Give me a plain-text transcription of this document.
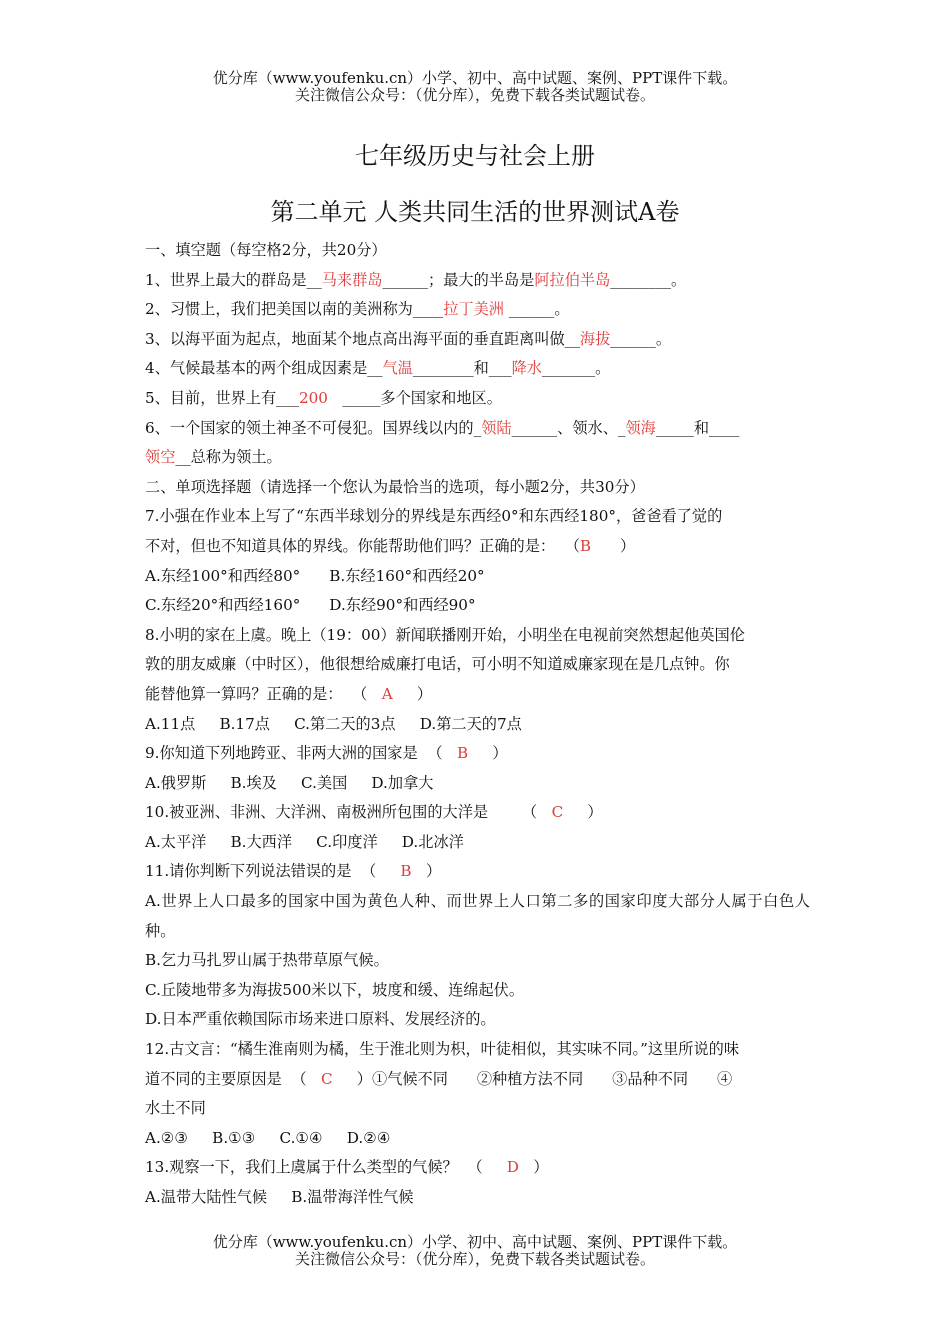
优分库（www.youfenku.cn）小学、初中、高中试题、案例、PPT课件下载。
关注微信公众号：（优分库），免费下载各类试题试卷。
七年级历史与社会上册
第二单元 人类共同生活的世界测试A卷
一、填空题（每空格2分，共20分）
1、世界上最大的群岛是__马来群岛______；最大的半岛是阿拉伯半岛________。
2、习惯上，我们把美国以南的美洲称为____拉丁美洲 ______。
3、以海平面为起点，地面某个地点高出海平面的垂直距离叫做__海拔______。
4、气候最基本的两个组成因素是__气温________和___降水_______。
5、目前，世界上有___200   _____多个国家和地区。
6、一个国家的领土神圣不可侵犯。国界线以内的_领陆______、领水、_领海_____和____
领空__总称为领土。
二、单项选择题（请选择一个您认为最恰当的选项，每小题2分，共30分）
7.小强在作业本上写了“东西半球划分的界线是东西经0°和东西经180°，爸爸看了觉的
不对，但也不知道具体的界线。你能帮助他们吗？正确的是：  （B      ）
A.东经100°和西经80°      B.东经160°和西经20°
C.东经20°和西经160°      D.东经90°和西经90°
8.小明的家在上虞。晚上（19：00）新闻联播刚开始，小明坐在电视前突然想起他英国伦
敦的朋友威廉（中时区），他很想给威廉打电话，可小明不知道威廉家现在是几点钟。你
能替他算一算吗？正确的是：  （   A     ）
A.11点     B.17点     C.第二天的3点     D.第二天的7点
9.你知道下列地跨亚、非两大洲的国家是  （   B     ）
A.俄罗斯     B.埃及     C.美国     D.加拿大
10.被亚洲、非洲、大洋洲、南极洲所包围的大洋是       （   C     ）
A.太平洋     B.大西洋     C.印度洋     D.北冰洋
11.请你判断下列说法错误的是  （     B   ）
A.世界上人口最多的国家中国为黄色人种、而世界上人口第二多的国家印度大部分人属于白色人种。
B.乞力马扎罗山属于热带草原气候。
C.丘陵地带多为海拔500米以下，坡度和缓、连绵起伏。
D.日本严重依赖国际市场来进口原料、发展经济的。
12.古文言：“橘生淮南则为橘，生于淮北则为枳，叶徒相似，其实味不同。”这里所说的味
道不同的主要原因是  （   C     ）①气候不同      ②种植方法不同      ③品种不同      ④
水土不同
A.②③     B.①③     C.①④     D.②④
13.观察一下，我们上虞属于什么类型的气候？  （     D   ）
A.温带大陆性气候     B.温带海洋性气候
优分库（www.youfenku.cn）小学、初中、高中试题、案例、PPT课件下载。
关注微信公众号：（优分库），免费下载各类试题试卷。
